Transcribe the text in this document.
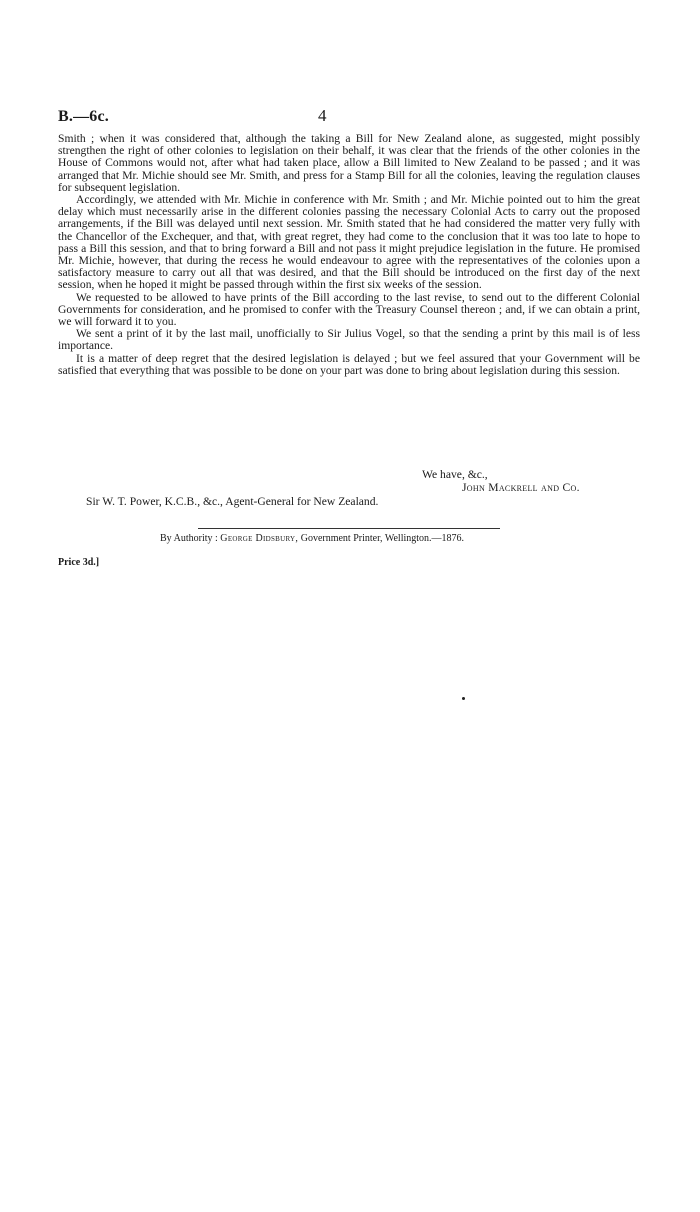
B.—6c.	4

Smith ; when it was considered that, although the taking a Bill for New Zealand alone, as suggested, might possibly strengthen the right of other colonies to legislation on their behalf, it was clear that the friends of the other colonies in the House of Commons would not, after what had taken place, allow a Bill limited to New Zealand to be passed ; and it was arranged that Mr. Michie should see Mr. Smith, and press for a Stamp Bill for all the colonies, leaving the regulation clauses for subsequent legislation.

Accordingly, we attended with Mr. Michie in conference with Mr. Smith ; and Mr. Michie pointed out to him the great delay which must necessarily arise in the different colonies passing the necessary Colonial Acts to carry out the proposed arrangements, if the Bill was delayed until next session. Mr. Smith stated that he had considered the matter very fully with the Chancellor of the Exchequer, and that, with great regret, they had come to the conclusion that it was too late to hope to pass a Bill this session, and that to bring forward a Bill and not pass it might prejudice legislation in the future. He promised Mr. Michie, however, that during the recess he would endeavour to agree with the representatives of the colonies upon a satisfactory measure to carry out all that was desired, and that the Bill should be introduced on the first day of the next session, when he hoped it might be passed through within the first six weeks of the session.

We requested to be allowed to have prints of the Bill according to the last revise, to send out to the different Colonial Governments for consideration, and he promised to confer with the Treasury Counsel thereon ; and, if we can obtain a print, we will forward it to you.

We sent a print of it by the last mail, unofficially to Sir Julius Vogel, so that the sending a print by this mail is of less importance.

It is a matter of deep regret that the desired legislation is delayed ; but we feel assured that your Government will be satisfied that everything that was possible to be done on your part was done to bring about legislation during this session.

We have, &c.,
John Mackrell and Co.
Sir W. T. Power, K.C.B., &c., Agent-General for New Zealand.
By Authority : George Didsbury, Government Printer, Wellington.—1876.
Price 3d.]
